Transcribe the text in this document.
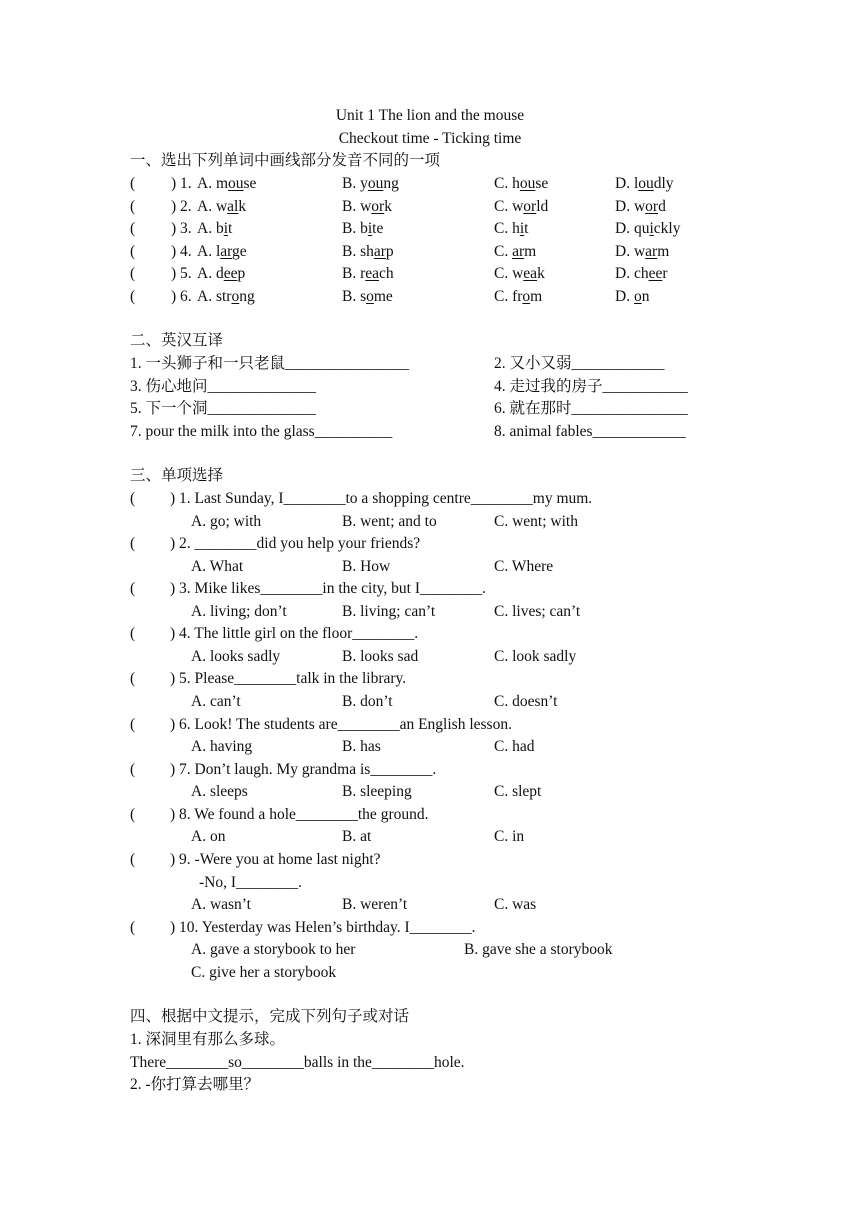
Unit 1 The lion and the mouse
Checkout time - Ticking time
一、选出下列单词中画线部分发音不同的一项
( ) 1. A. mouse	B. young	C. house	D. loudly
( ) 2. A. walk	B. work	C. world	D. word
( ) 3. A. bit	B. bite	C. hit	D. quickly
( ) 4. A. large	B. sharp	C. arm	D. warm
( ) 5. A. deep	B. reach	C. weak	D. cheer
( ) 6. A. strong	B. some	C. from	D. on
二、英汉互译
1. 一头狮子和一只老鼠________________	2. 又小又弱____________
3. 伤心地问______________	4. 走过我的房子___________
5. 下一个洞______________	6. 就在那时_______________
7. pour the milk into the glass__________	8. animal fables____________
三、单项选择
( ) 1. Last Sunday, I________to a shopping centre________my mum.
A. go; with	B. went; and to	C. went; with
( ) 2. ________did you help your friends?
A. What	B. How	C. Where
( ) 3. Mike likes________in the city, but I________.
A. living; don’t	B. living; can’t	C. lives; can’t
( ) 4. The little girl on the floor________.
A. looks sadly	B. looks sad	C. look sadly
( ) 5. Please________talk in the library.
A. can’t	B. don’t	C. doesn’t
( ) 6. Look! The students are________an English lesson.
A. having	B. has	C. had
( ) 7. Don’t laugh. My grandma is________.
A. sleeps	B. sleeping	C. slept
( ) 8. We found a hole________the ground.
A. on	B. at	C. in
( ) 9. -Were you at home last night?
-No, I________.
A. wasn’t	B. weren’t	C. was
( ) 10. Yesterday was Helen’s birthday. I________.
A. gave a storybook to her	B. gave she a storybook
C. give her a storybook
四、根据中文提示，完成下列句子或对话
1. 深洞里有那么多球。
There________so________balls in the________hole.
2. -你打算去哪里？
